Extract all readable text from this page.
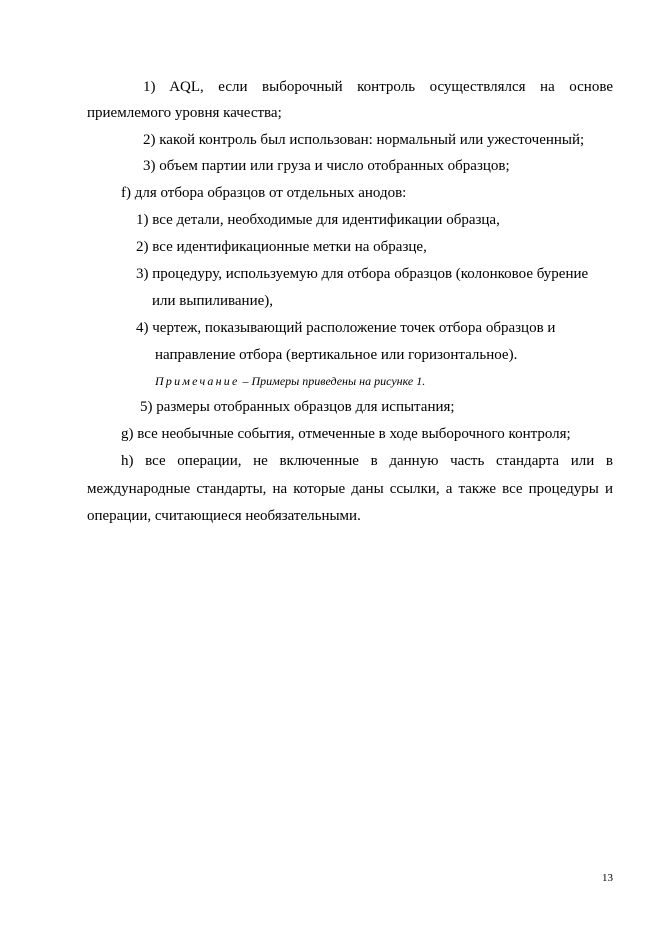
1) AQL, если выборочный контроль осуществлялся на основе
приемлемого уровня качества;
2) какой контроль был использован: нормальный или ужесточенный;
3) объем партии или груза и число отобранных образцов;
f) для отбора образцов от отдельных анодов:
1) все детали, необходимые для идентификации образца,
2) все идентификационные метки на образце,
3) процедуру, используемую для отбора образцов (колонковое бурение
или выпиливание),
4) чертеж, показывающий расположение точек отбора образцов и
направление отбора (вертикальное или горизонтальное).
Примечание – Примеры приведены на рисунке 1.
5) размеры отобранных образцов для испытания;
g) все необычные события, отмеченные в ходе выборочного контроля;
h) все операции, не включенные в данную часть стандарта или в
международные стандарты, на которые даны ссылки, а также все процедуры и
операции, считающиеся необязательными.
13
